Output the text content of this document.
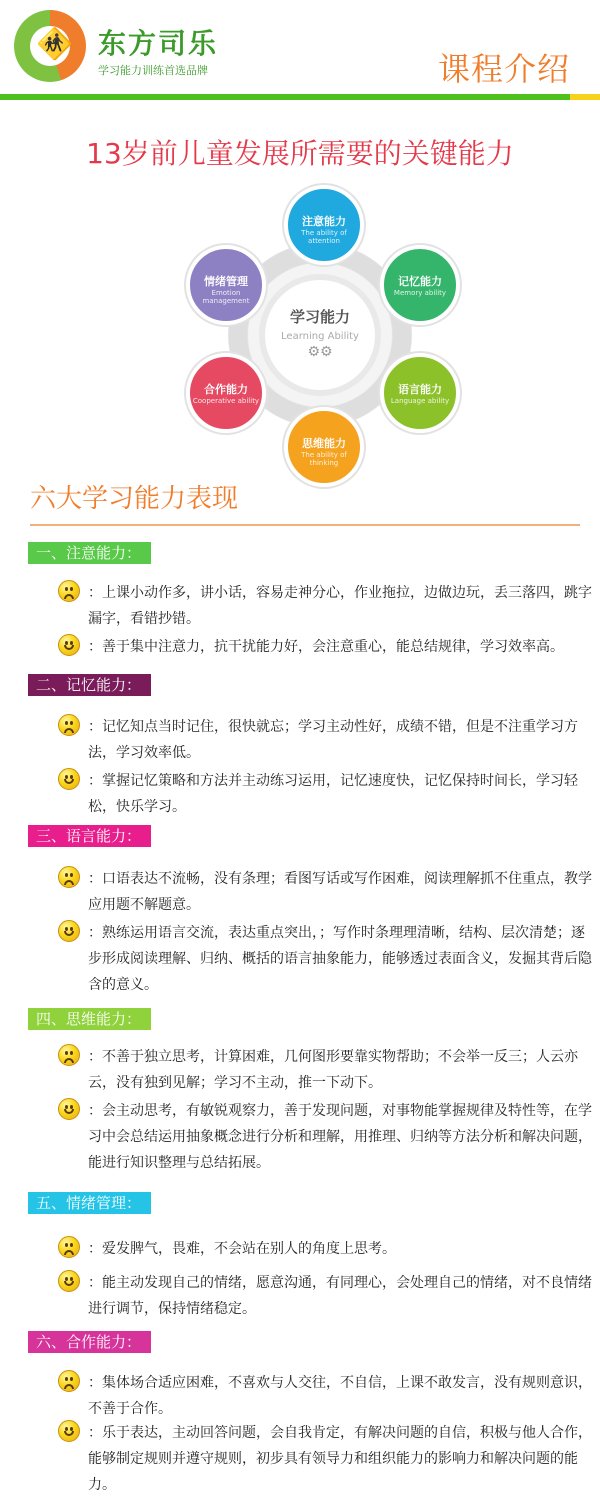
🚸 东方司乐
学习能力训练首选品牌	课程介绍
13岁前儿童发展所需要的关键能力
学习能力
Learning Ability
⚙⚙
注意能力
The ability of attention
记忆能力
Memory ability
语言能力
Language ability
思维能力
The ability of thinking
合作能力
Cooperative ability
情绪管理
Emotion management
六大学习能力表现
一、注意能力：
：上课小动作多，讲小话，容易走神分心，作业拖拉，边做边玩，丢三落四，跳字漏字，看错抄错。
：善于集中注意力，抗干扰能力好，会注意重心，能总结规律，学习效率高。
二、记忆能力：
：记忆知点当时记住，很快就忘；学习主动性好，成绩不错，但是不注重学习方法，学习效率低。
：掌握记忆策略和方法并主动练习运用，记忆速度快，记忆保持时间长，学习轻松，快乐学习。
三、语言能力：
：口语表达不流畅，没有条理；看图写话或写作困难，阅读理解抓不住重点，教学应用题不解题意。
：熟练运用语言交流，表达重点突出，；写作时条理理清晰，结构、层次清楚；逐步形成阅读理解、归纳、概括的语言抽象能力，能够透过表面含义，发掘其背后隐含的意义。
四、思维能力：
：不善于独立思考，计算困难，几何图形要靠实物帮助；不会举一反三；人云亦云，没有独到见解；学习不主动，推一下动下。
：会主动思考，有敏锐观察力，善于发现问题，对事物能掌握规律及特性等，在学习中会总结运用抽象概念进行分析和理解，用推理、归纳等方法分析和解决问题，能进行知识整理与总结拓展。
五、情绪管理：
：爱发脾气，畏难，不会站在别人的角度上思考。
：能主动发现自己的情绪，愿意沟通，有同理心，会处理自己的情绪，对不良情绪进行调节，保持情绪稳定。
六、合作能力：
：集体场合适应困难，不喜欢与人交往，不自信，上课不敢发言，没有规则意识，不善于合作。
：乐于表达，主动回答问题，会自我肯定，有解决问题的自信，积极与他人合作，能够制定规则并遵守规则，初步具有领导力和组织能力的影响力和解决问题的能力。
